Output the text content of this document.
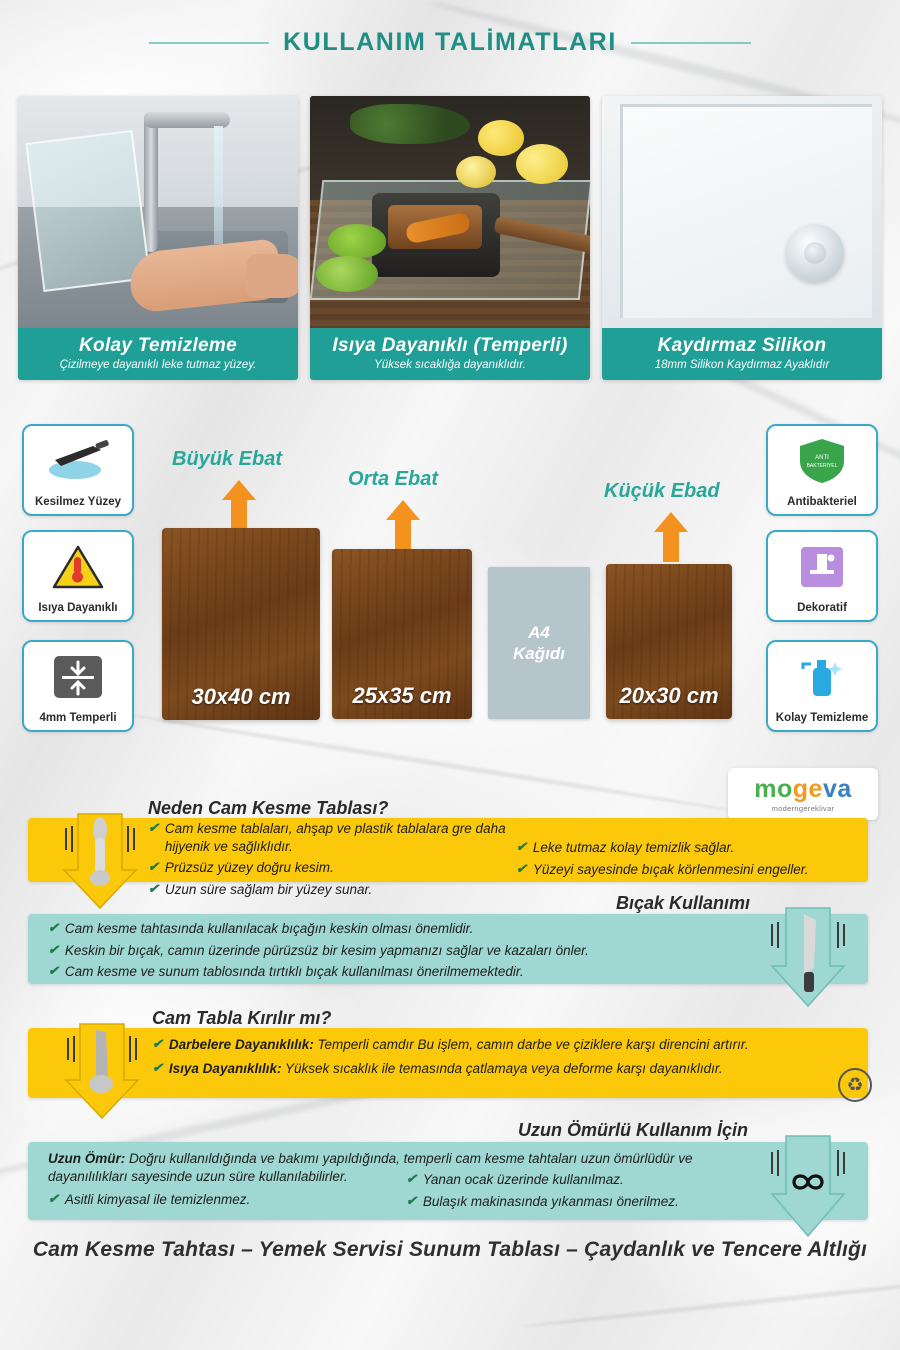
KULLANIM TALİMATLARI
Kolay Temizleme
Çizilmeye dayanıklı leke tutmaz yüzey.
Isıya Dayanıklı (Temperli)
Yüksek sıcaklığa dayanıklıdır.
Kaydırmaz Silikon
18mm Silikon Kaydırmaz Ayaklıdır
Kesilmez Yüzey
Isıya Dayanıklı
4mm Temperli
ANTI
BAKTERIYEL
Antibakteriel
Dekoratif
Kolay Temizleme
Büyük Ebat
Orta Ebat
Küçük Ebad
30x40 cm	25x35 cm
A4
Kağıdı
20x30 cm
mogeva
moderngereklivar
Neden Cam Kesme Tablası?
✔ Cam kesme tablaları, ahşap ve plastik tablalara gre daha hijyenik ve sağlıklıdır.
✔ Prüzsüz yüzey doğru kesim.
✔ Uzun süre sağlam bir yüzey sunar.
✔ Leke tutmaz kolay temizlik sağlar.
✔ Yüzeyi sayesinde bıçak körlenmesini engeller.
Bıçak Kullanımı
✔ Cam kesme tahtasında kullanılacak bıçağın keskin olması önemlidir.
✔ Keskin bir bıçak, camın üzerinde pürüzsüz bir kesim yapmanızı sağlar ve kazaları önler.
✔ Cam kesme ve sunum tablosında tırtıklı bıçak kullanılması önerilmemektedir.
Cam Tabla Kırılır mı?
✔ Darbelere Dayanıklılık: Temperli camdır Bu işlem, camın darbe ve çiziklere karşı direncini artırır.
✔ Isıya Dayanıklılık: Yüksek sıcaklık ile temasında çatlamaya veya deforme karşı dayanıklıdır.
♻
Uzun Ömürlü Kullanım İçin
Uzun Ömür: Doğru kullanıldığında ve bakımı yapıldığında, temperli cam kesme tahtaları uzun ömürlüdür ve dayanılılıkları sayesinde uzun süre kullanılabilirler.
✔ Asitli kimyasal ile temizlenmez.
✔ Yanan ocak üzerinde kullanılmaz.
✔ Bulaşık makinasında yıkanması önerilmez.
Cam Kesme Tahtası – Yemek Servisi Sunum Tablası – Çaydanlık ve Tencere Altlığı
